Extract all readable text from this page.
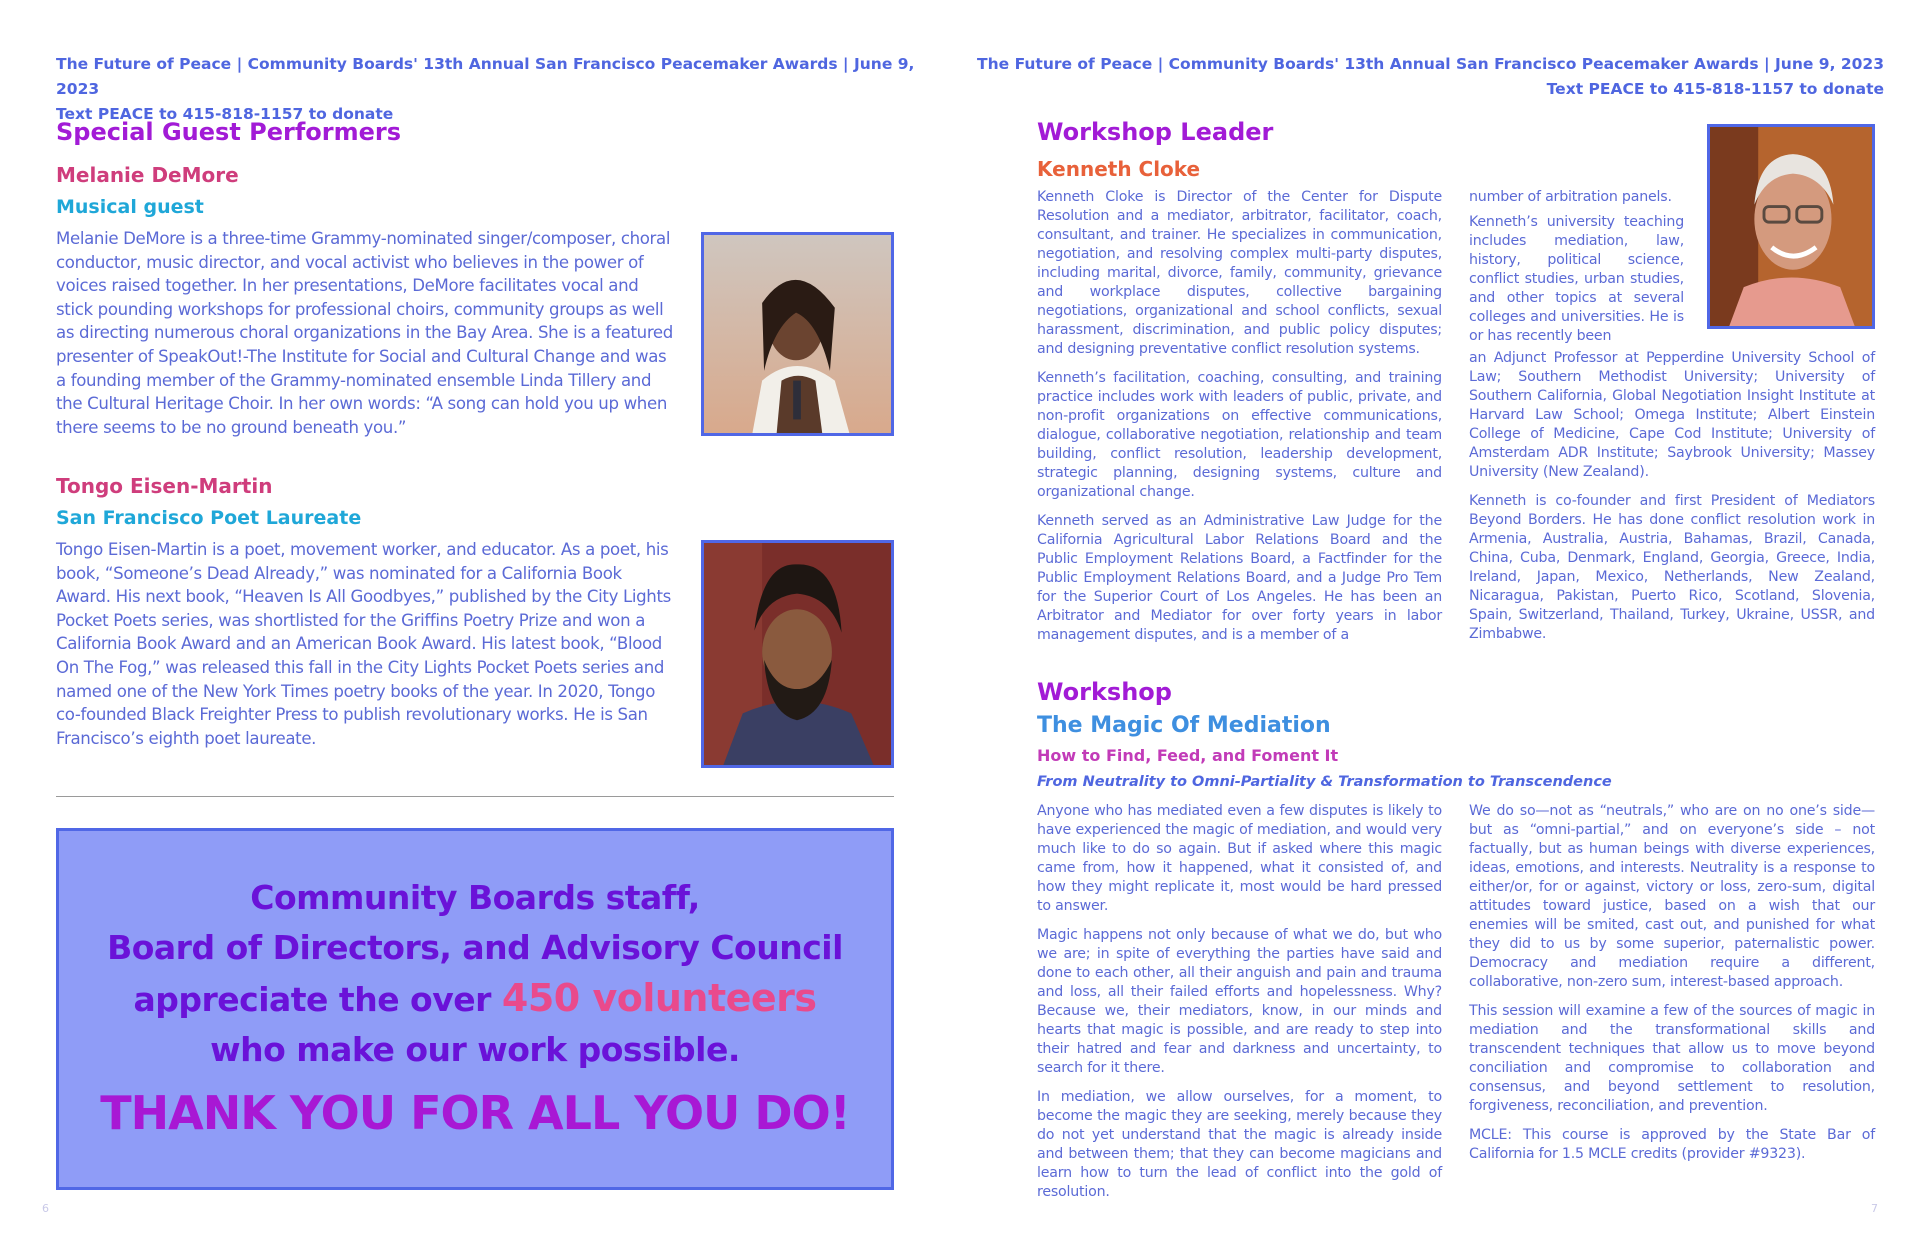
The Future of Peace | Community Boards' 13th Annual San Francisco Peacemaker Awards | June 9, 2023
Text PEACE to 415-818-1157 to donate
Special Guest Performers
Melanie DeMore
Musical guest
Melanie DeMore is a three-time Grammy-nominated singer/composer, choral conductor, music director, and vocal activist who believes in the power of voices raised together. In her presentations, DeMore facilitates vocal and stick pounding workshops for professional choirs, community groups as well as directing numerous choral organizations in the Bay Area. She is a featured presenter of SpeakOut!-The Institute for Social and Cultural Change and was a founding member of the Grammy-nominated ensemble Linda Tillery and the Cultural Heritage Choir. In her own words: “A song can hold you up when there seems to be no ground beneath you.”
Tongo Eisen-Martin
San Francisco Poet Laureate
Tongo Eisen-Martin is a poet, movement worker, and educator. As a poet, his book, “Someone’s Dead Already,” was nominated for a California Book Award. His next book, “Heaven Is All Goodbyes,” published by the City Lights Pocket Poets series, was shortlisted for the Griffins Poetry Prize and won a California Book Award and an American Book Award. His latest book, “Blood On The Fog,” was released this fall in the City Lights Pocket Poets series and named one of the New York Times poetry books of the year. In 2020, Tongo co-founded Black Freighter Press to publish revolutionary works. He is San Francisco’s eighth poet laureate.
Community Boards staff,
Board of Directors, and Advisory Council
appreciate the over 450 volunteers
who make our work possible.
THANK YOU FOR ALL YOU DO!
6
The Future of Peace | Community Boards' 13th Annual San Francisco Peacemaker Awards | June 9, 2023
Text PEACE to 415-818-1157 to donate
Workshop Leader
Kenneth Cloke

Kenneth Cloke is Director of the Center for Dispute Resolution and a mediator, arbitrator, facilitator, coach, consultant, and trainer. He specializes in communication, negotiation, and resolving complex multi-party disputes, including marital, divorce, family, community, grievance and workplace disputes, collective bargaining negotiations, organizational and school conflicts, sexual harassment, discrimination, and public policy disputes; and designing preventative conflict resolution systems.

Kenneth’s facilitation, coaching, consulting, and training practice includes work with leaders of public, private, and non-profit organizations on effective communications, dialogue, collaborative negotiation, relationship and team building, conflict resolution, leadership development, strategic planning, designing systems, culture and organizational change.

Kenneth served as an Administrative Law Judge for the California Agricultural Labor Relations Board and the Public Employment Relations Board, a Factfinder for the Public Employment Relations Board, and a Judge Pro Tem for the Superior Court of Los Angeles. He has been an Arbitrator and Mediator for over forty years in labor management disputes, and is a member of a

number of arbitration panels.

Kenneth’s university teaching includes mediation, law, history, political science, conflict studies, urban studies, and other topics at several colleges and universities. He is or has recently been

an Adjunct Professor at Pepperdine University School of Law; Southern Methodist University; University of Southern California, Global Negotiation Insight Institute at Harvard Law School; Omega Institute; Albert Einstein College of Medicine, Cape Cod Institute; University of Amsterdam ADR Institute; Saybrook University; Massey University (New Zealand).

Kenneth is co-founder and first President of Mediators Beyond Borders. He has done conflict resolution work in Armenia, Australia, Austria, Bahamas, Brazil, Canada, China, Cuba, Denmark, England, Georgia, Greece, India, Ireland, Japan, Mexico, Netherlands, New Zealand, Nicaragua, Pakistan, Puerto Rico, Scotland, Slovenia, Spain, Switzerland, Thailand, Turkey, Ukraine, USSR, and Zimbabwe.

Workshop
The Magic Of Mediation
How to Find, Feed, and Foment It
From Neutrality to Omni-Partiality & Transformation to Transcendence

Anyone who has mediated even a few disputes is likely to have experienced the magic of mediation, and would very much like to do so again. But if asked where this magic came from, how it happened, what it consisted of, and how they might replicate it, most would be hard pressed to answer.

Magic happens not only because of what we do, but who we are; in spite of everything the parties have said and done to each other, all their anguish and pain and trauma and loss, all their failed efforts and hopelessness. Why? Because we, their mediators, know, in our minds and hearts that magic is possible, and are ready to step into their hatred and fear and darkness and uncertainty, to search for it there.

In mediation, we allow ourselves, for a moment, to become the magic they are seeking, merely because they do not yet understand that the magic is already inside and between them; that they can become magicians and learn how to turn the lead of conflict into the gold of resolution.

We do so—not as “neutrals,” who are on no one’s side—but as “omni-partial,” and on everyone’s side – not factually, but as human beings with diverse experiences, ideas, emotions, and interests. Neutrality is a response to either/or, for or against, victory or loss, zero-sum, digital attitudes toward justice, based on a wish that our enemies will be smited, cast out, and punished for what they did to us by some superior, paternalistic power. Democracy and mediation require a different, collaborative, non-zero sum, interest-based approach.

This session will examine a few of the sources of magic in mediation and the transformational skills and transcendent techniques that allow us to move beyond conciliation and compromise to collaboration and consensus, and beyond settlement to resolution, forgiveness, reconciliation, and prevention.

MCLE: This course is approved by the State Bar of California for 1.5 MCLE credits (provider #9323).

7
